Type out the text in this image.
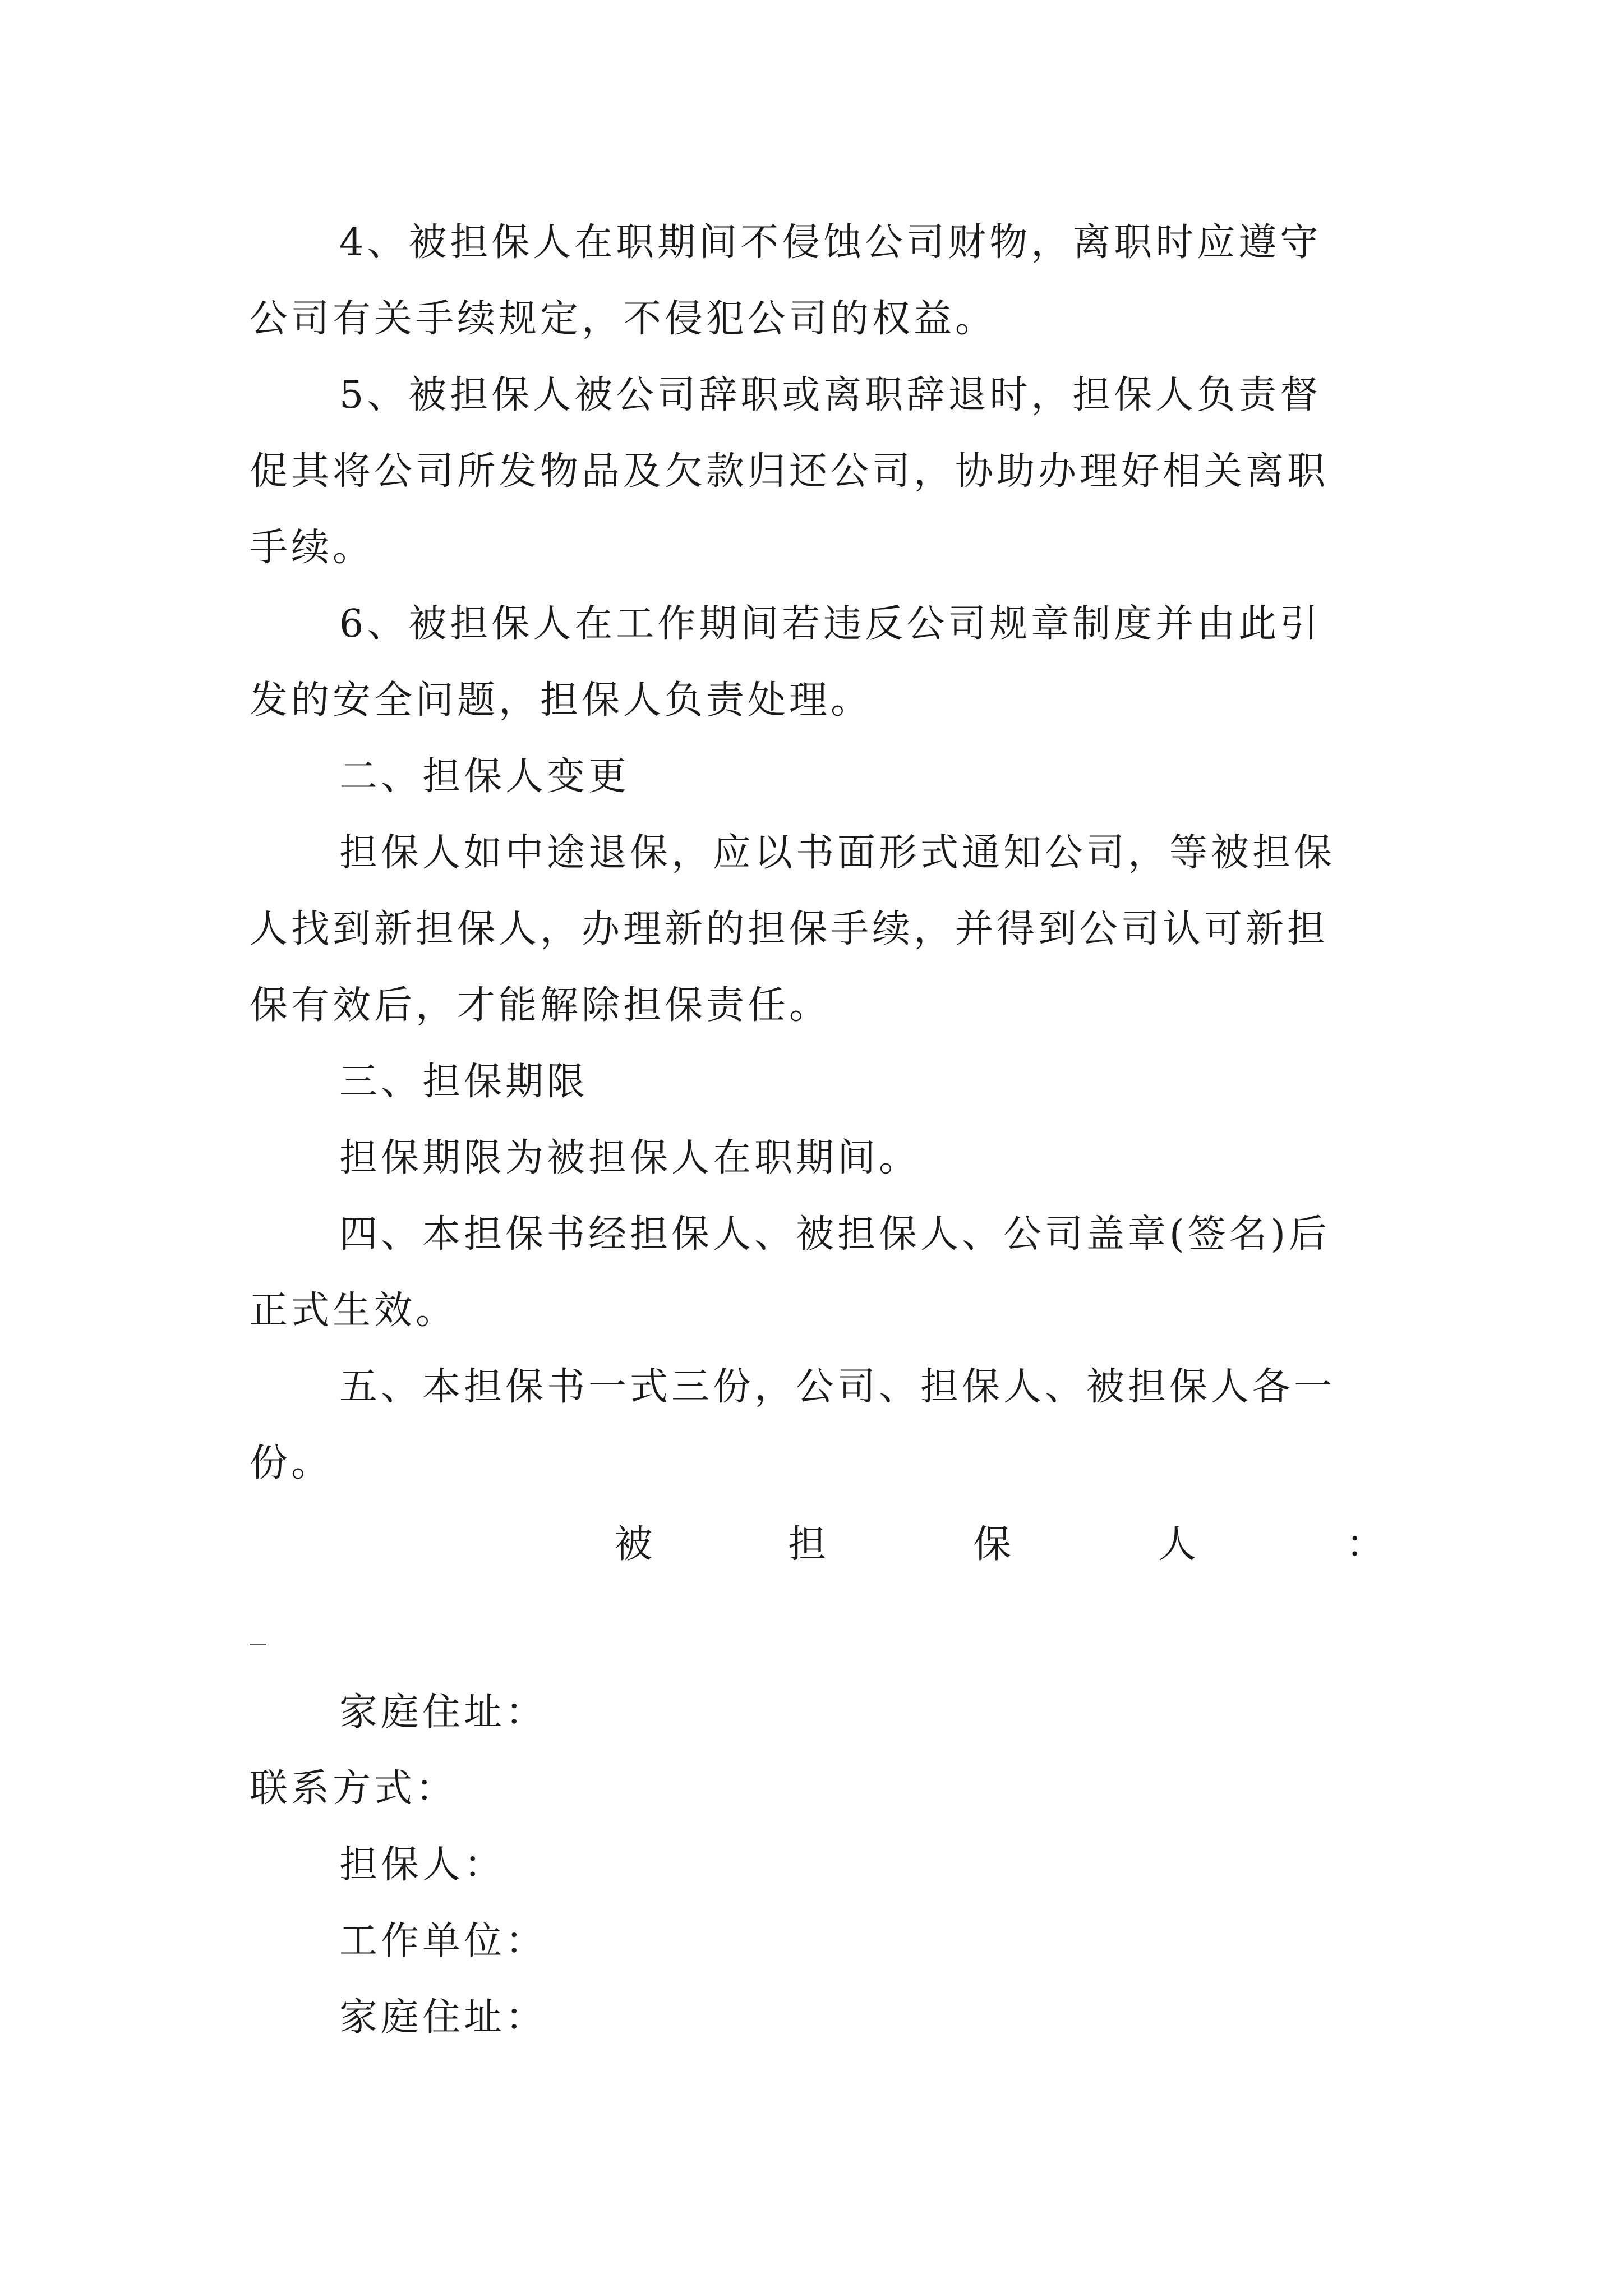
4、被担保人在职期间不侵蚀公司财物，离职时应遵守
公司有关手续规定，不侵犯公司的权益。
5、被担保人被公司辞职或离职辞退时，担保人负责督
促其将公司所发物品及欠款归还公司，协助办理好相关离职
手续。
6、被担保人在工作期间若违反公司规章制度并由此引
发的安全问题，担保人负责处理。
二、担保人变更
担保人如中途退保，应以书面形式通知公司，等被担保
人找到新担保人，办理新的担保手续，并得到公司认可新担
保有效后，才能解除担保责任。
三、担保期限
担保期限为被担保人在职期间。
四、本担保书经担保人、被担保人、公司盖章(签名)后
正式生效。
五、本担保书一式三份，公司、担保人、被担保人各一
份。
被	担	保	人	：
家庭住址：
联系方式：
担保人：
工作单位：
家庭住址：
